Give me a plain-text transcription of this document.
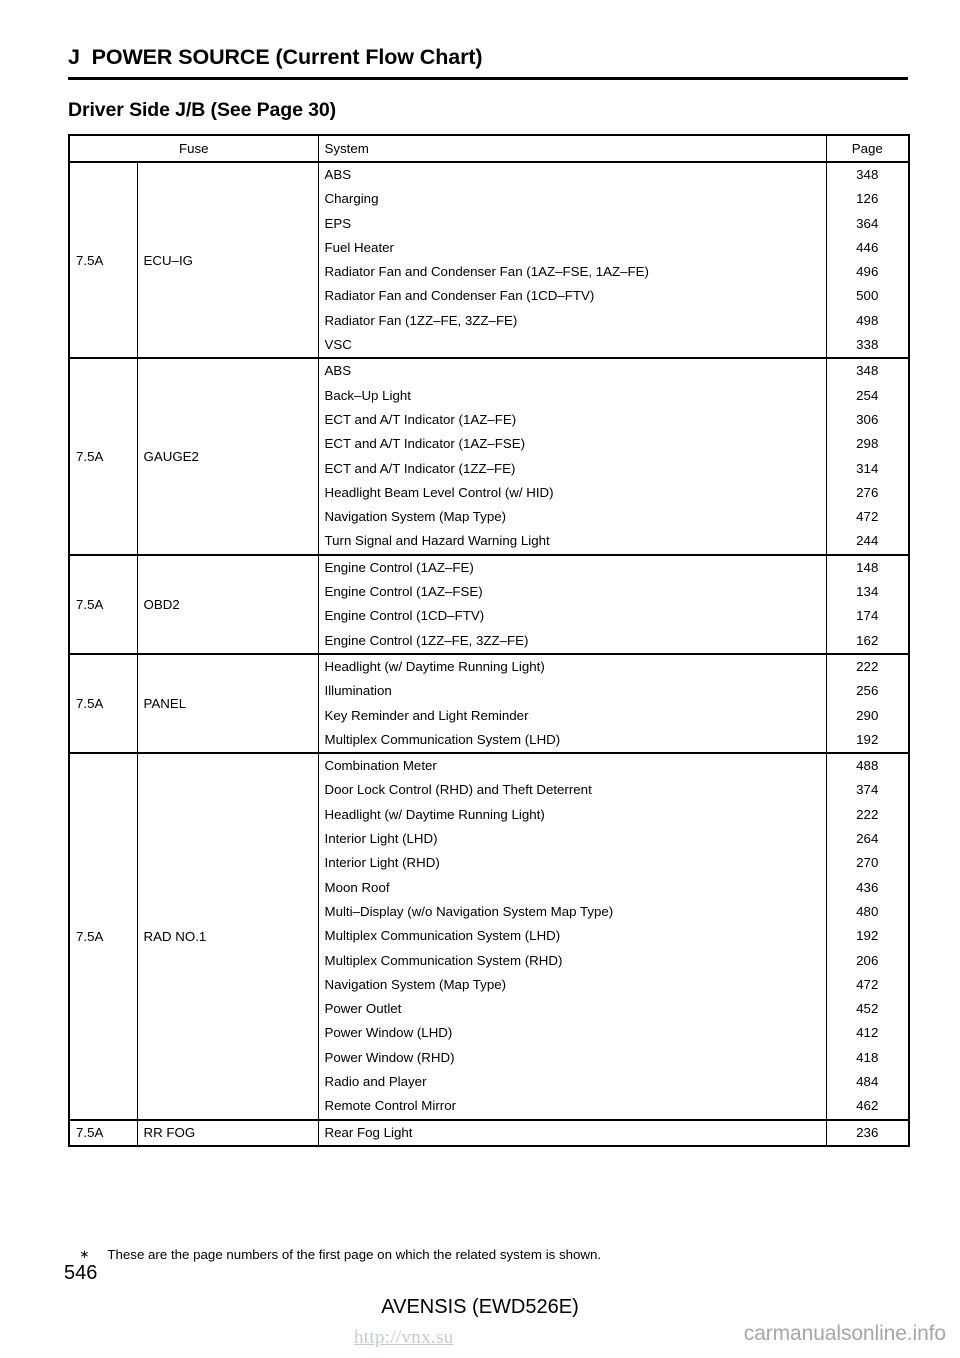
J  POWER SOURCE (Current Flow Chart)
Driver Side J/B (See Page 30)
Fuse		System	Page
7.5A	ECU–IG	ABS	348
		Charging	126
		EPS	364
		Fuel Heater	446
		Radiator Fan and Condenser Fan (1AZ–FSE, 1AZ–FE)	496
		Radiator Fan and Condenser Fan (1CD–FTV)	500
		Radiator Fan (1ZZ–FE, 3ZZ–FE)	498
		VSC	338
7.5A	GAUGE2	ABS	348
		Back–Up Light	254
		ECT and A/T Indicator (1AZ–FE)	306
		ECT and A/T Indicator (1AZ–FSE)	298
		ECT and A/T Indicator (1ZZ–FE)	314
		Headlight Beam Level Control (w/ HID)	276
		Navigation System (Map Type)	472
		Turn Signal and Hazard Warning Light	244
7.5A	OBD2	Engine Control (1AZ–FE)	148
		Engine Control (1AZ–FSE)	134
		Engine Control (1CD–FTV)	174
		Engine Control (1ZZ–FE, 3ZZ–FE)	162
7.5A	PANEL	Headlight (w/ Daytime Running Light)	222
		Illumination	256
		Key Reminder and Light Reminder	290
		Multiplex Communication System (LHD)	192
7.5A	RAD NO.1	Combination Meter	488
		Door Lock Control (RHD) and Theft Deterrent	374
		Headlight (w/ Daytime Running Light)	222
		Interior Light (LHD)	264
		Interior Light (RHD)	270
		Moon Roof	436
		Multi–Display (w/o Navigation System Map Type)	480
		Multiplex Communication System (LHD)	192
		Multiplex Communication System (RHD)	206
		Navigation System (Map Type)	472
		Power Outlet	452
		Power Window (LHD)	412
		Power Window (RHD)	418
		Radio and Player	484
		Remote Control Mirror	462
7.5A	RR FOG	Rear Fog Light	236

∗ These are the page numbers of the first page on which the related system is shown.

546
AVENSIS (EWD526E)
http://vnx.su	carmanualsonline.info
